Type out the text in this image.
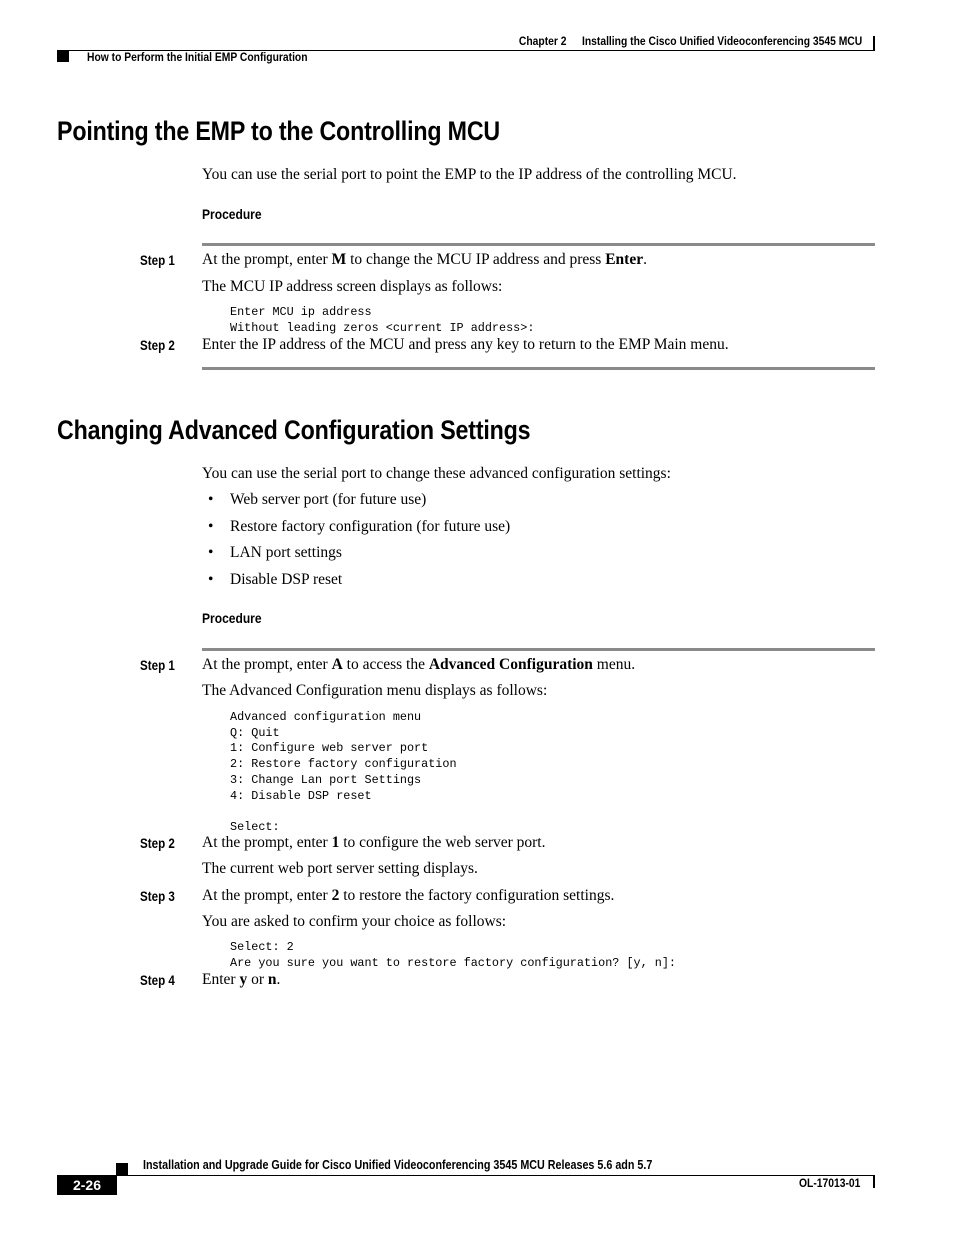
Chapter 2 Installing the Cisco Unified Videoconferencing 3545 MCU
How to Perform the Initial EMP Configuration
Pointing the EMP to the Controlling MCU
You can use the serial port to point the EMP to the IP address of the controlling MCU.
Procedure
Step 1 At the prompt, enter M to change the MCU IP address and press Enter.
The MCU IP address screen displays as follows:
Enter MCU ip address
Without leading zeros <current IP address>:
Step 2 Enter the IP address of the MCU and press any key to return to the EMP Main menu.
Changing Advanced Configuration Settings
You can use the serial port to change these advanced configuration settings:
• Web server port (for future use)
• Restore factory configuration (for future use)
• LAN port settings
• Disable DSP reset
Procedure
Step 1 At the prompt, enter A to access the Advanced Configuration menu.
The Advanced Configuration menu displays as follows:
Advanced configuration menu
Q: Quit
1: Configure web server port
2: Restore factory configuration
3: Change Lan port Settings
4: Disable DSP reset
Select:
Step 2 At the prompt, enter 1 to configure the web server port.
The current web port server setting displays.
Step 3 At the prompt, enter 2 to restore the factory configuration settings.
You are asked to confirm your choice as follows:
Select: 2
Are you sure you want to restore factory configuration? [y, n]:
Step 4 Enter y or n.
Installation and Upgrade Guide for Cisco Unified Videoconferencing 3545 MCU Releases 5.6 adn 5.7
2-26	OL-17013-01
